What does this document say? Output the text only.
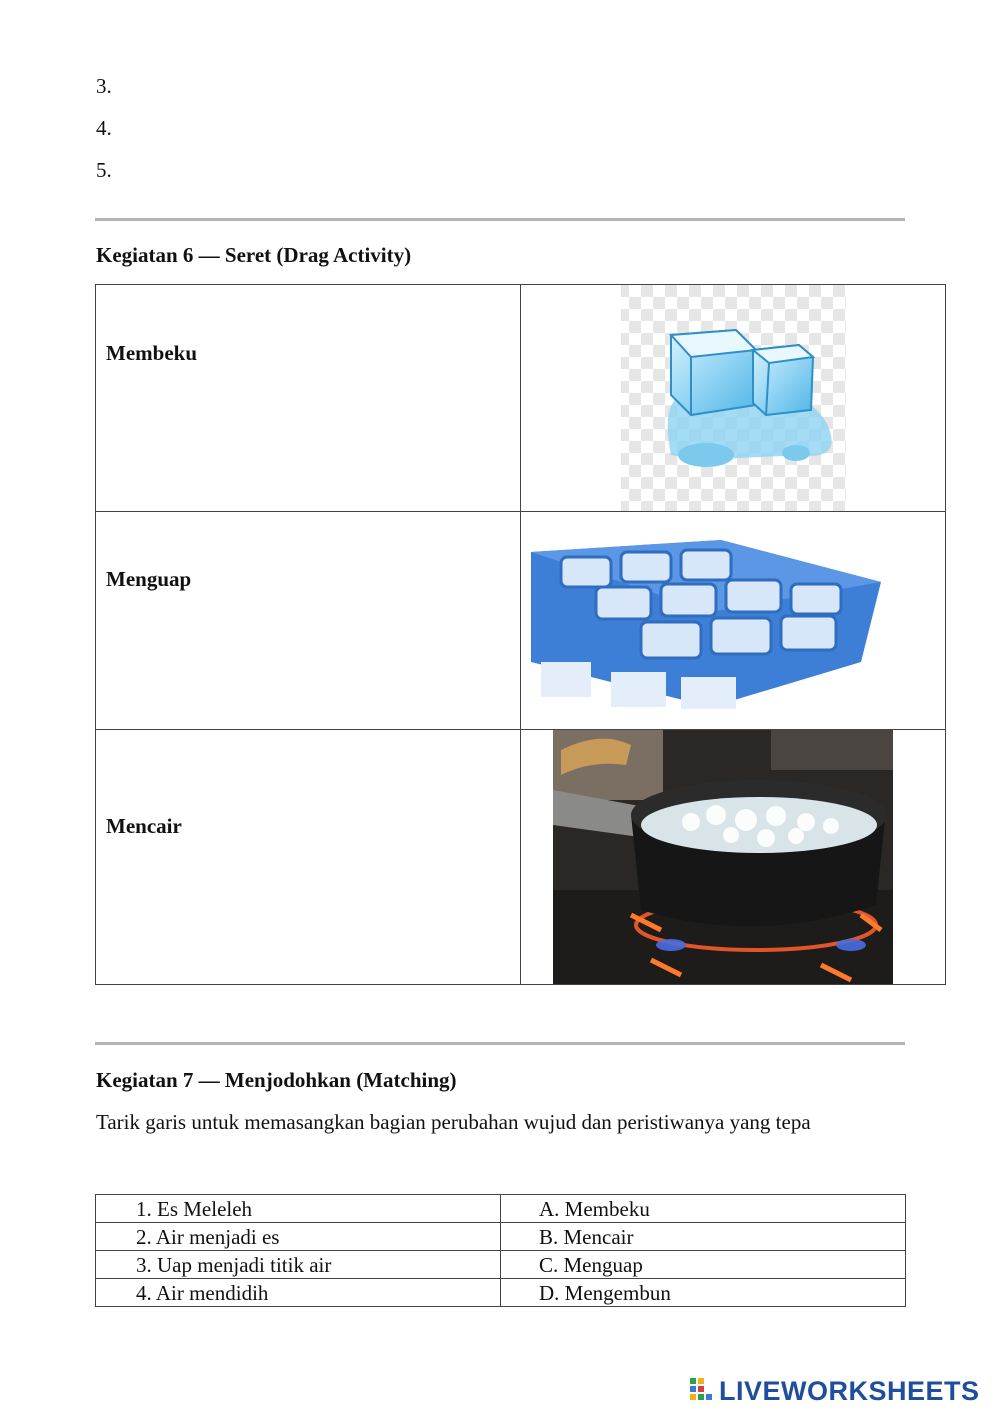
3.
4.
5.
Kegiatan 6 — Seret (Drag Activity)
Membeku	

Menguap	

Mencair	
Kegiatan 7 — Menjodohkan (Matching)
Tarik garis untuk memasangkan bagian perubahan wujud dan peristiwanya yang tepa
1. Es Meleleh	A. Membeku
2. Air menjadi es	B. Mencair
3. Uap menjadi titik air	C. Menguap
4. Air mendidih	D. Mengembun
LIVEWORKSHEETS
